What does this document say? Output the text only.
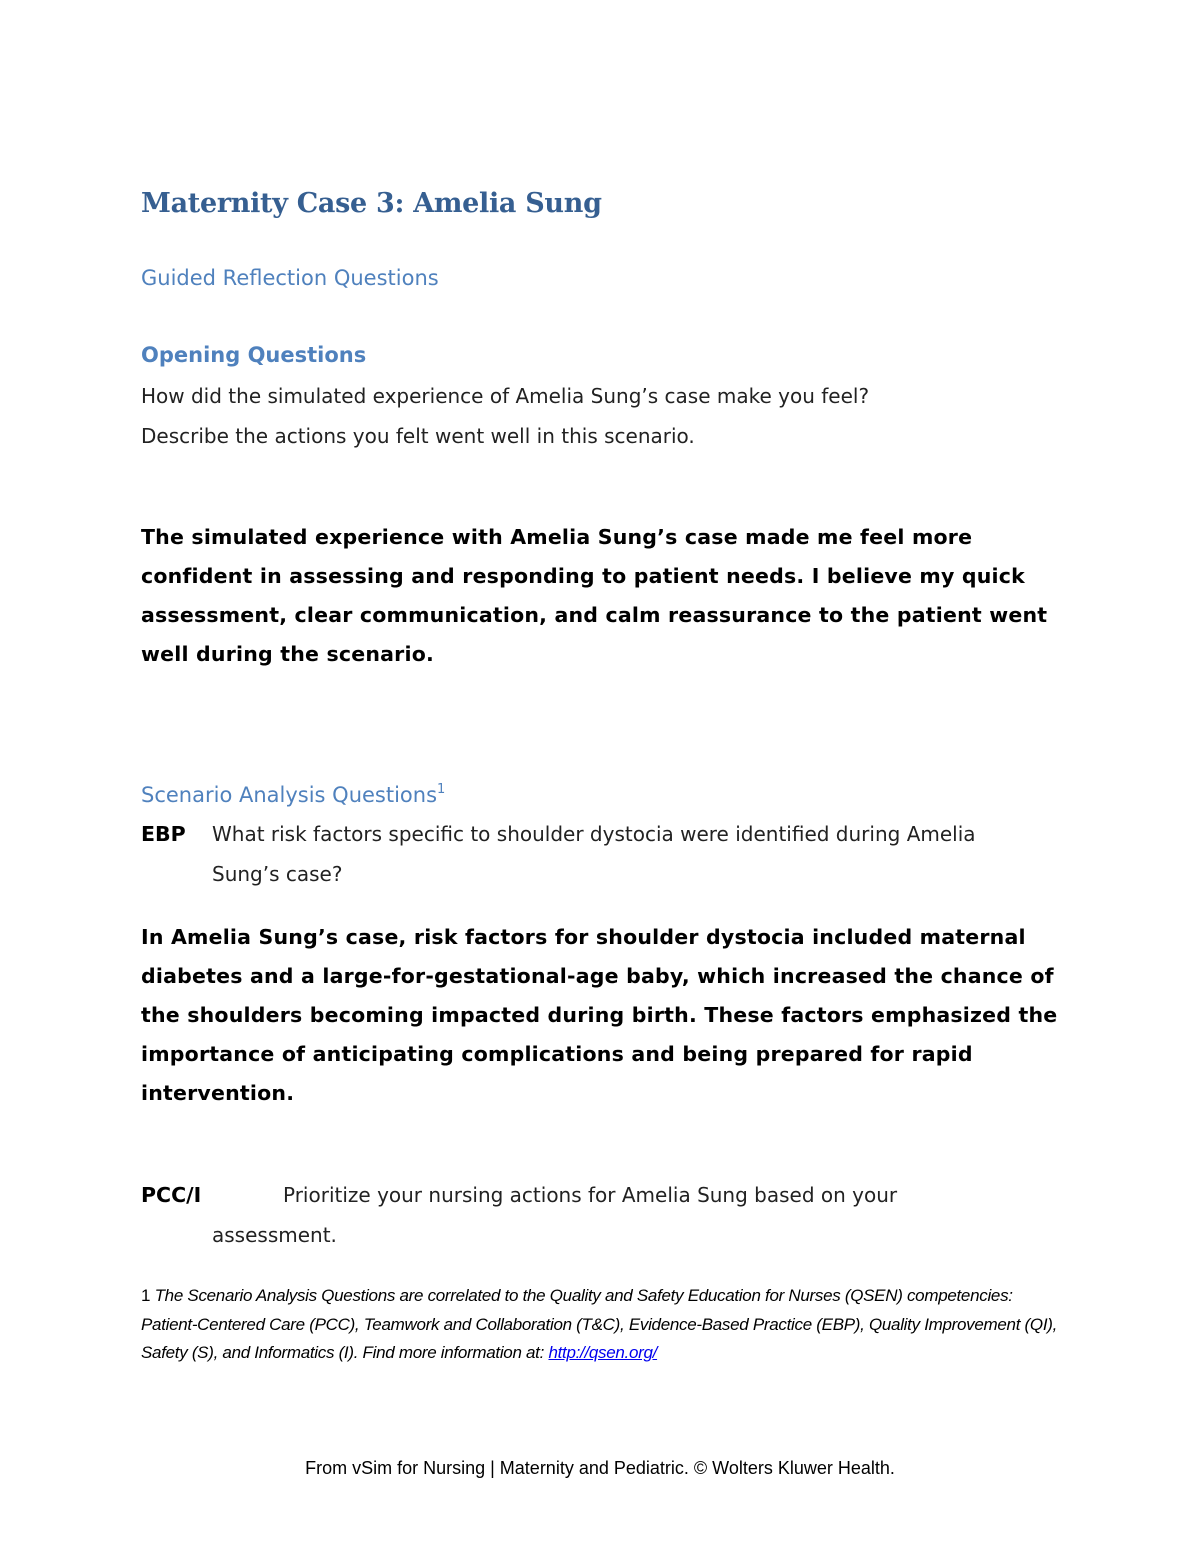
Maternity Case 3: Amelia Sung
Guided Reflection Questions
Opening Questions
How did the simulated experience of Amelia Sung’s case make you feel?
Describe the actions you felt went well in this scenario.
The simulated experience with Amelia Sung’s case made me feel more confident in assessing and responding to patient needs. I believe my quick assessment, clear communication, and calm reassurance to the patient went well during the scenario.
Scenario Analysis Questions$^1$
EBP What risk factors specific to shoulder dystocia were identified during Amelia
Sung’s case?
In Amelia Sung’s case, risk factors for shoulder dystocia included maternal diabetes and a large-for-gestational-age baby, which increased the chance of the shoulders becoming impacted during birth. These factors emphasized the importance of anticipating complications and being prepared for rapid intervention.
PCC/I	Prioritize your nursing actions for Amelia Sung based on your
assessment.
1 The Scenario Analysis Questions are correlated to the Quality and Safety Education for Nurses (QSEN) competencies: Patient-Centered Care (PCC), Teamwork and Collaboration (T&C), Evidence-Based Practice (EBP), Quality Improvement (QI), Safety (S), and Informatics (I). Find more information at: http://qsen.org/
From vSim for Nursing | Maternity and Pediatric. © Wolters Kluwer Health.
